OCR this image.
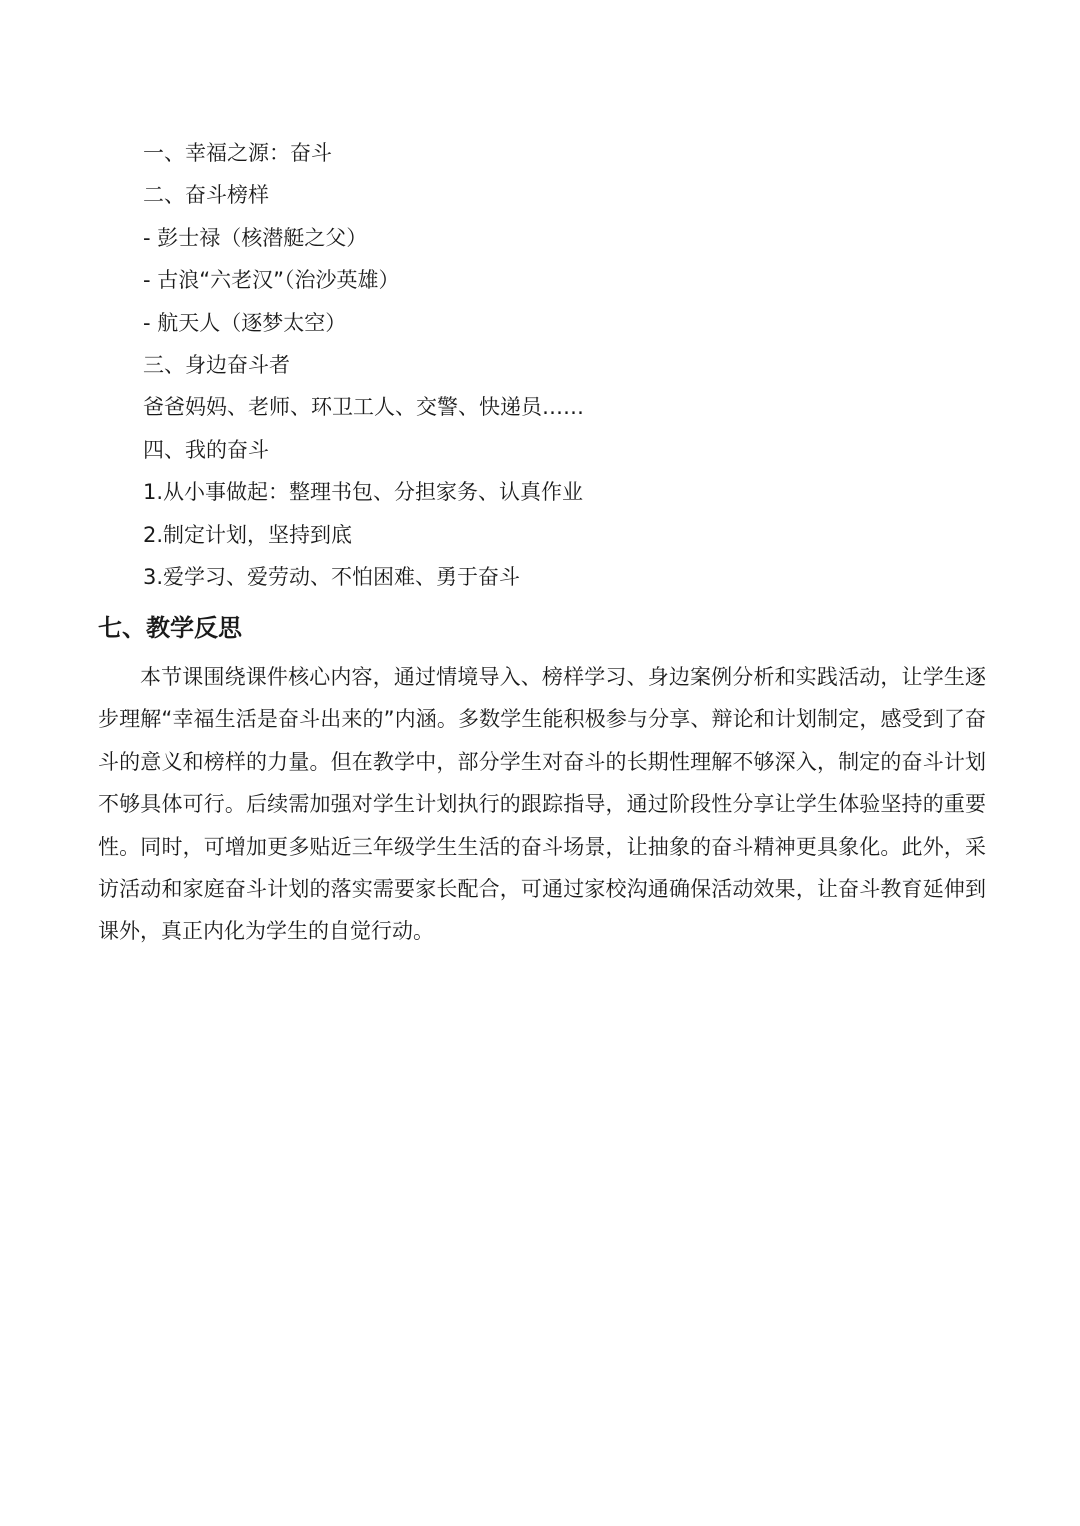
一、幸福之源：奋斗
二、奋斗榜样
- 彭士禄（核潜艇之父）
- 古浪“六老汉”（治沙英雄）
- 航天人（逐梦太空）
三、身边奋斗者
爸爸妈妈、老师、环卫工人、交警、快递员……
四、我的奋斗
1.从小事做起：整理书包、分担家务、认真作业
2.制定计划，坚持到底
3.爱学习、爱劳动、不怕困难、勇于奋斗
七、教学反思

本节课围绕课件核心内容，通过情境导入、榜样学习、身边案例分析和实践活动，让学生逐步理解“幸福生活是奋斗出来的”内涵。多数学生能积极参与分享、辩论和计划制定，感受到了奋斗的意义和榜样的力量。但在教学中，部分学生对奋斗的长期性理解不够深入，制定的奋斗计划不够具体可行。后续需加强对学生计划执行的跟踪指导，通过阶段性分享让学生体验坚持的重要性。同时，可增加更多贴近三年级学生生活的奋斗场景，让抽象的奋斗精神更具象化。此外，采访活动和家庭奋斗计划的落实需要家长配合，可通过家校沟通确保活动效果，让奋斗教育延伸到课外，真正内化为学生的自觉行动。
